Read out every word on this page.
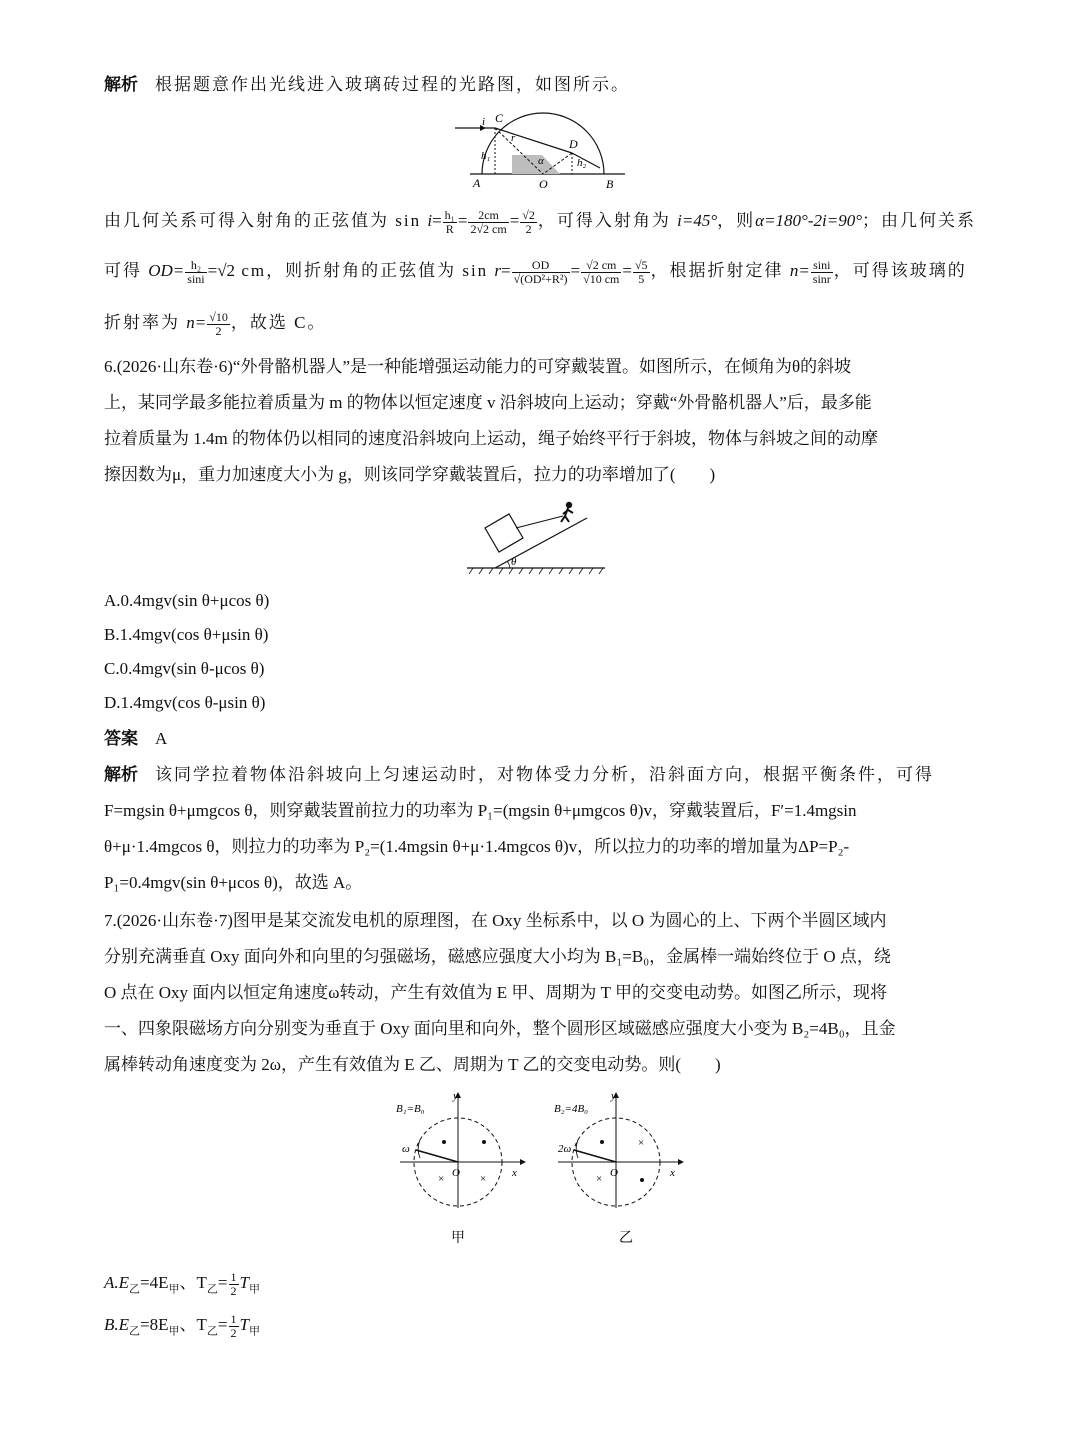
解析 根据题意作出光线进入玻璃砖过程的光路图，如图所示。
C
D
A	O	B
i
r
h₁
h₂
α
由几何关系可得入射角的正弦值为 $\sin i= \frac{\text{h₁}}{R} = \frac{2cm}{2√2 cm} = \frac{√2}{2}$ ，可得入射角为 i=45°，则α=180°-2i=90°；由几何关系
可得 $OD= \frac{\text{h₂}}{\sin i} =√2$ cm，则折射角的正弦值为 $\sin r= \frac{OD}{\text{√(OD²+R²)}} = \frac{√2 cm}{√10 cm} = \frac{√5}{5}$ ，根据折射定律 $n= \frac{\sin i}{\sin r}$ ，可得该玻璃的
折射率为 $n= \frac{√10}{2}$ ，故选 C。
6.(2026·山东卷·6)“外骨骼机器人”是一种能增强运动能力的可穿戴装置。如图所示，在倾角为θ的斜坡
上，某同学最多能拉着质量为 m 的物体以恒定速度 v 沿斜坡向上运动；穿戴“外骨骼机器人”后，最多能
拉着质量为 1.4m 的物体仍以相同的速度沿斜坡向上运动，绳子始终平行于斜坡，物体与斜坡之间的动摩
擦因数为μ，重力加速度大小为 g，则该同学穿戴装置后，拉力的功率增加了(　　)
θ
A.0.4mgv(sin θ+μcos θ)
B.1.4mgv(cos θ+μsin θ)
C.0.4mgv(sin θ-μcos θ)
D.1.4mgv(cos θ-μsin θ)
答案 A
解析 该同学拉着物体沿斜坡向上匀速运动时，对物体受力分析，沿斜面方向，根据平衡条件，可得
F=mgsin θ+μmgcos θ，则穿戴装置前拉力的功率为 P₁=(mgsin θ+μmgcos θ)v，穿戴装置后，F′=1.4mgsin
θ+μ·1.4mgcos θ，则拉力的功率为 P₂=(1.4mgsin θ+μ·1.4mgcos θ)v，所以拉力的功率的增加量为ΔP=P₂-
P₁=0.4mgv(sin θ+μcos θ)，故选 A。
7.(2026·山东卷·7)图甲是某交流发电机的原理图，在 Oxy 坐标系中，以 O 为圆心的上、下两个半圆区域内
分别充满垂直 Oxy 面向外和向里的匀强磁场，磁感应强度大小均为 B₁=B₀，金属棒一端始终位于 O 点，绕
O 点在 Oxy 面内以恒定角速度ω转动，产生有效值为 E 甲、周期为 T 甲的交变电动势。如图乙所示，现将
一、四象限磁场方向分别变为垂直于 Oxy 面向里和向外，整个圆形区域磁感应强度大小变为 B₂=4B₀，且金
属棒转动角速度变为 2ω，产生有效值为 E 乙、周期为 T 乙的交变电动势。则(　　)
B₁=B₀
ω
y
x
O
×	×
甲
B₂=4B₀
2ω
y
x
O
×
×
乙
$A.E_乙=4E_甲$、$T_乙= \frac{1}{2} T_甲$
$B.E_乙=8E_甲$、$T_乙= \frac{1}{2} T_甲$
